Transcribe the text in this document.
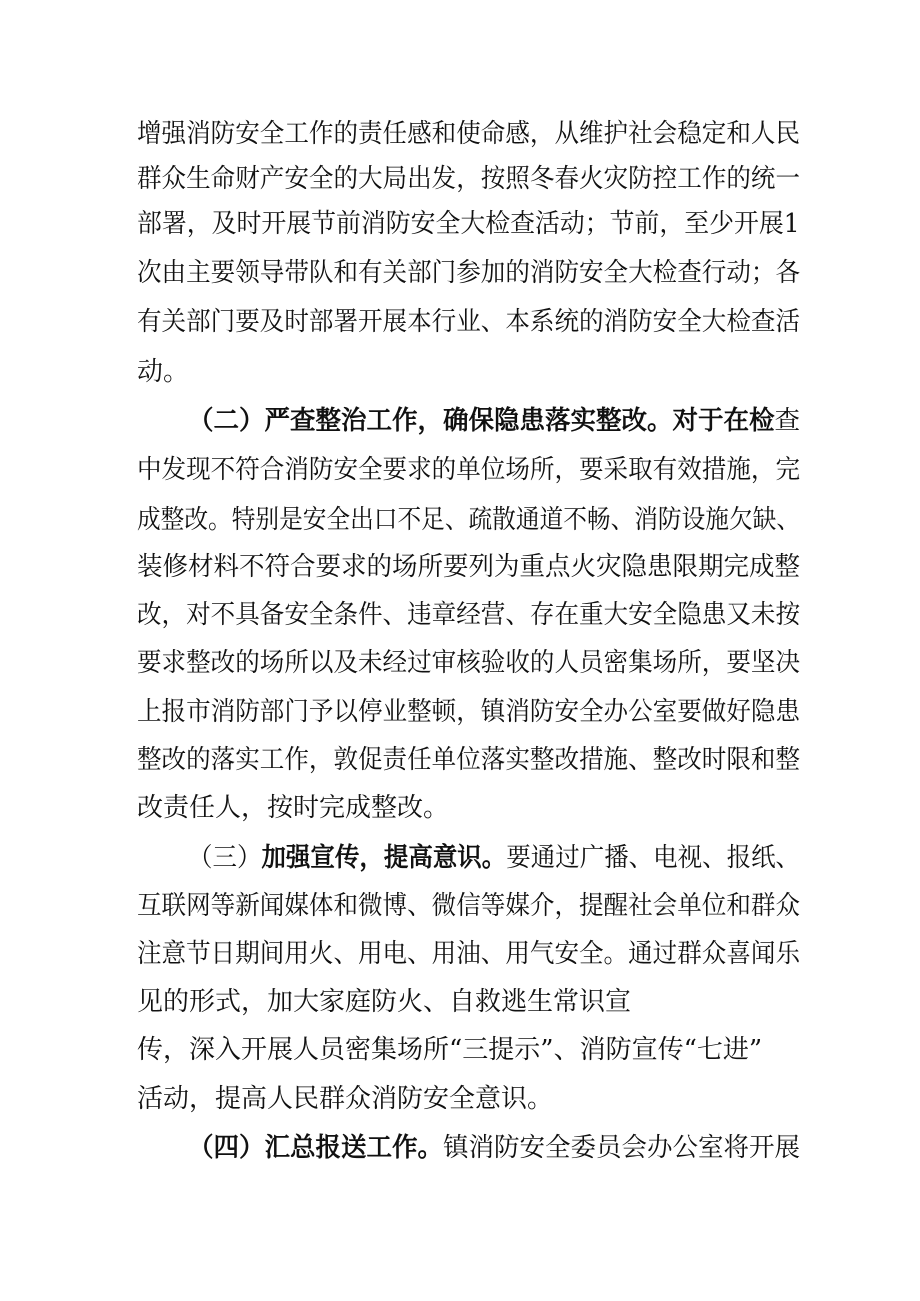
增强消防安全工作的责任感和使命感，从维护社会稳定和人民
群众生命财产安全的大局出发，按照冬春火灾防控工作的统一
部署，及时开展节前消防安全大检查活动；节前，至少开展1
次由主要领导带队和有关部门参加的消防安全大检查行动；各
有关部门要及时部署开展本行业、本系统的消防安全大检查活
动。
（二）严查整治工作，确保隐患落实整改。对于在检查
中发现不符合消防安全要求的单位场所，要采取有效措施，完
成整改。特别是安全出口不足、疏散通道不畅、消防设施欠缺、
装修材料不符合要求的场所要列为重点火灾隐患限期完成整
改，对不具备安全条件、违章经营、存在重大安全隐患又未按
要求整改的场所以及未经过审核验收的人员密集场所，要坚决
上报市消防部门予以停业整顿，镇消防安全办公室要做好隐患
整改的落实工作，敦促责任单位落实整改措施、整改时限和整
改责任人，按时完成整改。
（三）加强宣传，提高意识。要通过广播、电视、报纸、
互联网等新闻媒体和微博、微信等媒介，提醒社会单位和群众
注意节日期间用火、用电、用油、用气安全。通过群众喜闻乐
见的形式，加大家庭防火、自救逃生常识宣
传，深入开展人员密集场所“三提示”、消防宣传“七进”
活动，提高人民群众消防安全意识。
（四）汇总报送工作。镇消防安全委员会办公室将开展
